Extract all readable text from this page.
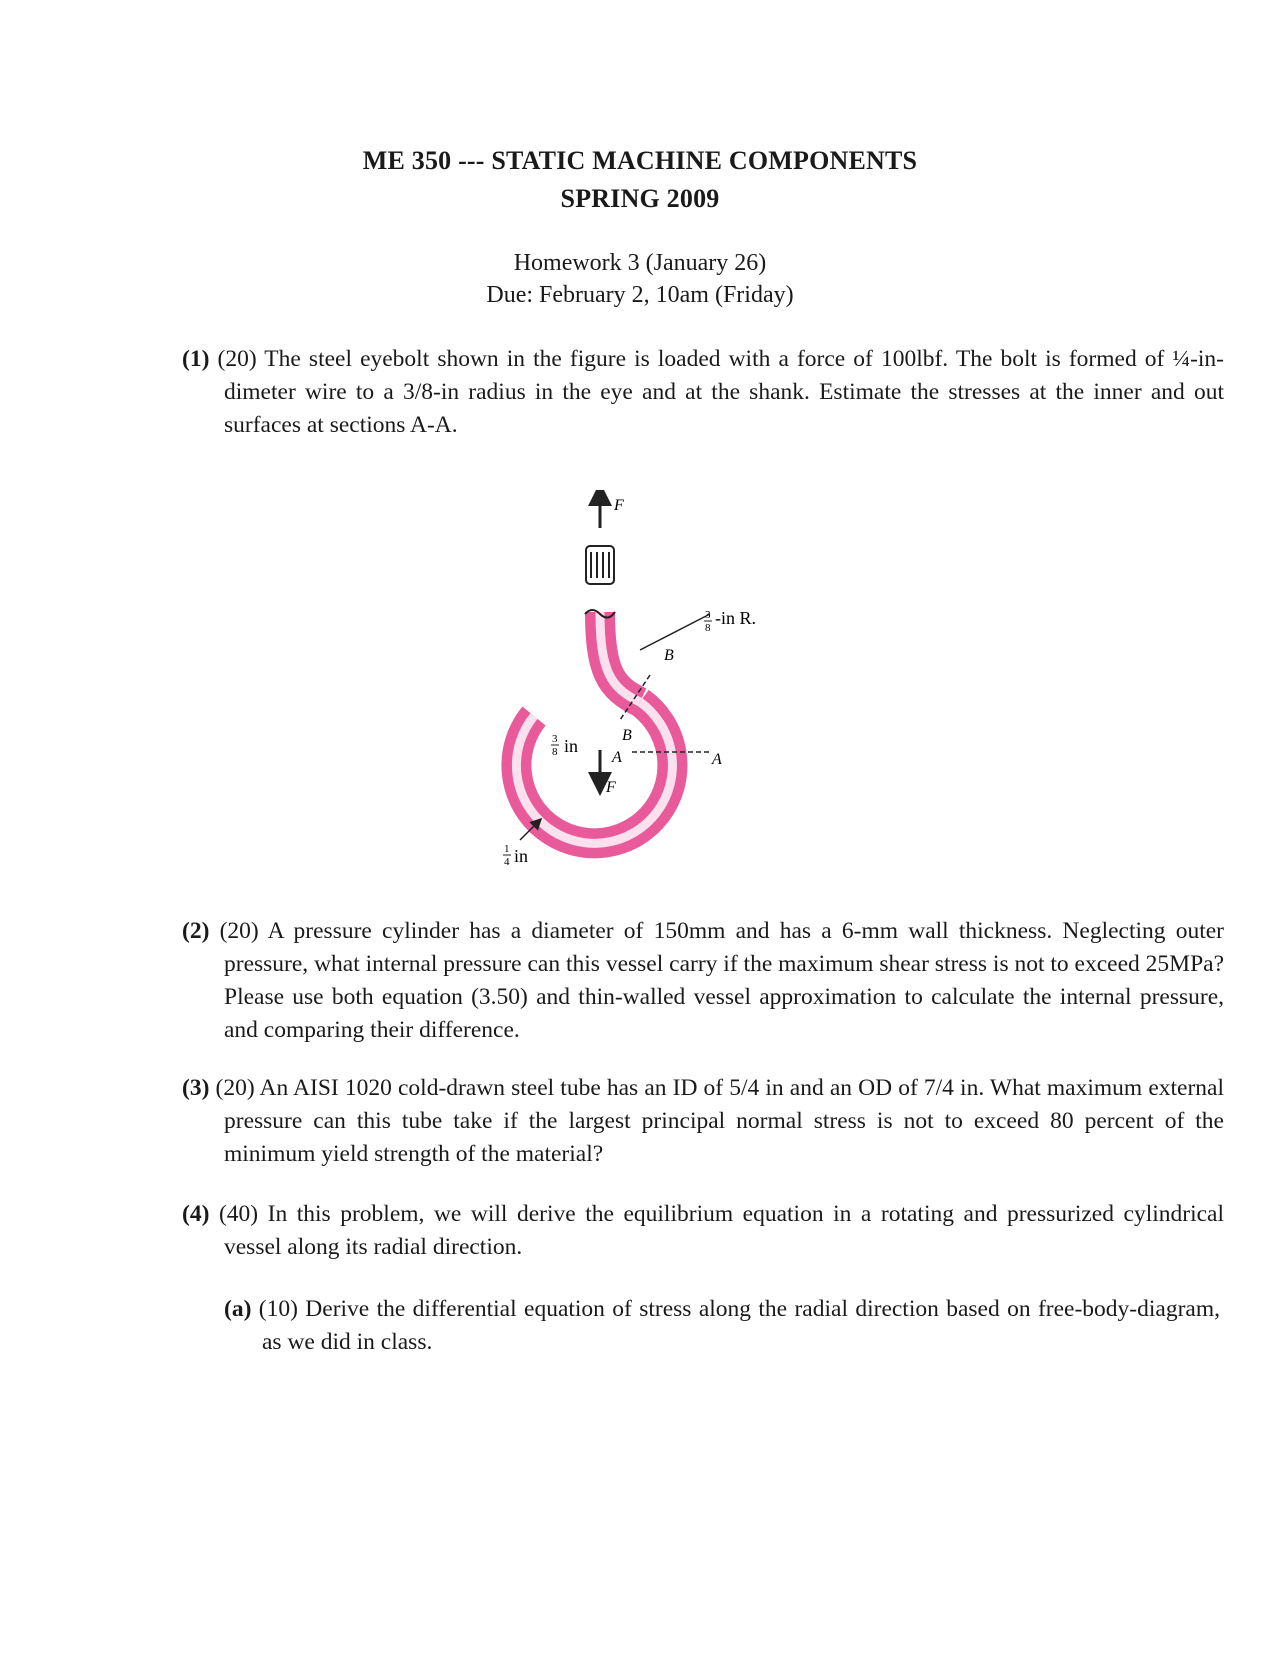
ME 350 --- STATIC MACHINE COMPONENTS
SPRING 2009
Homework 3 (January 26)
Due: February 2, 10am (Friday)
(1) (20) The steel eyebolt shown in the figure is loaded with a force of 100lbf. The bolt is formed of ¼-in-dimeter wire to a 3/8-in radius in the eye and at the shank. Estimate the stresses at the inner and out surfaces at sections A-A.
F
3
8 -in R.
B
B
A	A
3
8 in
F
1
4 in
(2) (20) A pressure cylinder has a diameter of 150mm and has a 6-mm wall thickness. Neglecting outer pressure, what internal pressure can this vessel carry if the maximum shear stress is not to exceed 25MPa? Please use both equation (3.50) and thin-walled vessel approximation to calculate the internal pressure, and comparing their difference.
(3) (20) An AISI 1020 cold-drawn steel tube has an ID of 5/4 in and an OD of 7/4 in. What maximum external pressure can this tube take if the largest principal normal stress is not to exceed 80 percent of the minimum yield strength of the material?
(4) (40) In this problem, we will derive the equilibrium equation in a rotating and pressurized cylindrical vessel along its radial direction.
(a) (10) Derive the differential equation of stress along the radial direction based on free-body-diagram, as we did in class.
